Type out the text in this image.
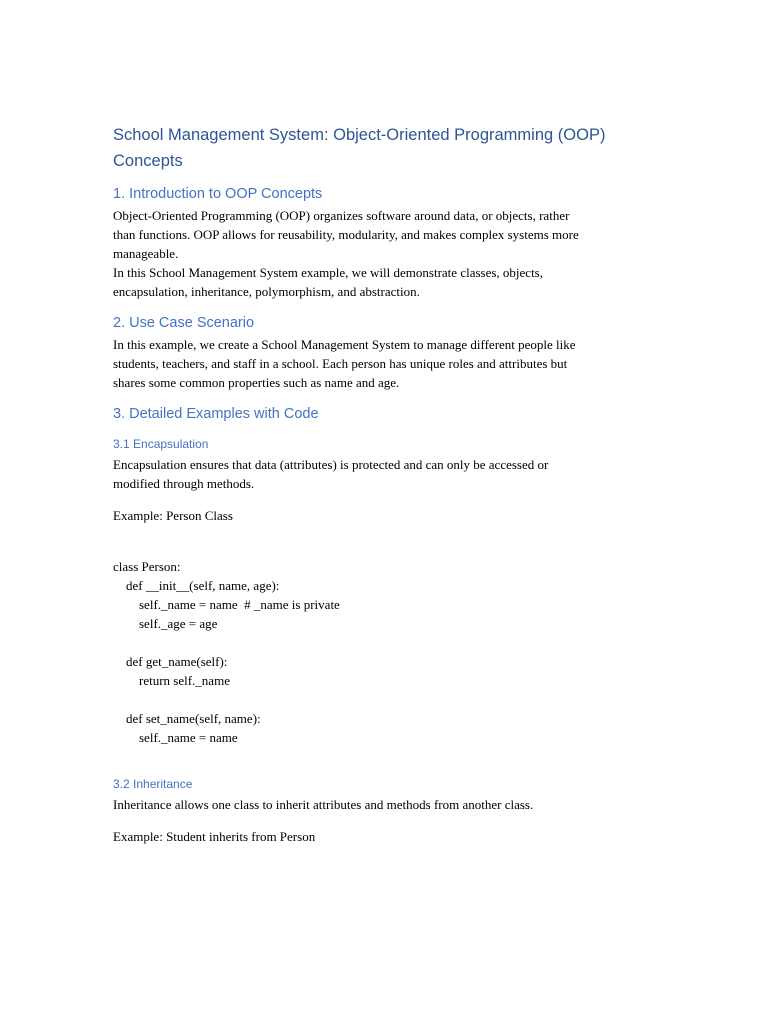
School Management System: Object-Oriented Programming (OOP) Concepts
1. Introduction to OOP Concepts

Object-Oriented Programming (OOP) organizes software around data, or objects, rather

than functions. OOP allows for reusability, modularity, and makes complex systems more

manageable.

In this School Management System example, we will demonstrate classes, objects,

encapsulation, inheritance, polymorphism, and abstraction.

2. Use Case Scenario

In this example, we create a School Management System to manage different people like

students, teachers, and staff in a school. Each person has unique roles and attributes but

shares some common properties such as name and age.

3. Detailed Examples with Code
3.1 Encapsulation

Encapsulation ensures that data (attributes) is protected and can only be accessed or

modified through methods.

Example: Person Class

class Person:

def __init__(self, name, age):

self._name = name  # _name is private

self._age = age

def get_name(self):

return self._name

def set_name(self, name):

self._name = name

3.2 Inheritance

Inheritance allows one class to inherit attributes and methods from another class.

Example: Student inherits from Person
